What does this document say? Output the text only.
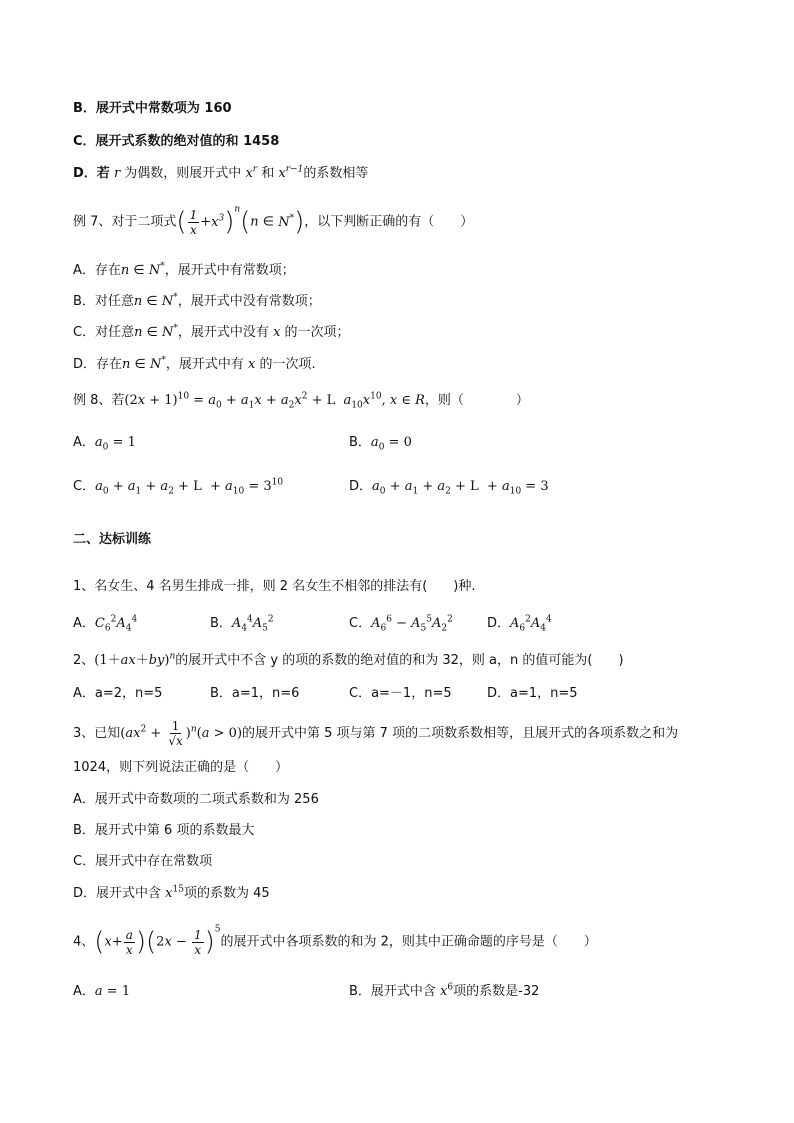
B．展开式中常数项为 160
C．展开式系数的绝对值的和 1458
D．若 r 为偶数，则展开式中 $x^r$ 和 $x^{r-1}$的系数相等
例 7、对于二项式( $\frac{1}{x} +x^3)^n(n$ ∈ N*)，以下判断正确的有（　　）
A．存在n ∈ N*，展开式中有常数项；
B．对任意n ∈ N*，展开式中没有常数项；
C．对任意n ∈ N*，展开式中没有 x 的一次项；
D．存在n ∈ N*，展开式中有 x 的一次项.
例 8、若$(2x + 1)^{10} = a_0 + a_1x + a_2x^2 + L$  $a_{10}x^{10}$, x ∈ R，则（　　　　）
A．$a_0 = 1$	B．$a_0 = 0$
C．$a_0 + a_1 + a_2 + L + a_{10} = 3^{10}$	D．$a_0 + a_1 + a_2 + L + a_{10} = 3$
二、达标训练
1、名女生、4 名男生排成一排，则 2 名女生不相邻的排法有(　　)种.
A．$C_6^2A_4^4$	B．$A_4^4A_5^2$	C．$A_6^6 - A_5^5A_2^2$	D．$A_6^2A_4^4$
2、$(1+ax+by)^n$的展开式中不含 y 的项的系数的绝对值的和为 32，则 a，n 的值可能为(　　)
A．a=2，n=5	B．a=1，n=6	C．a=－1，n=5	D．a=1，n=5
3、已知$(ax^2 + \frac{1}{√x} )^n(a > 0)$的展开式中第 5 项与第 7 项的二项数系数相等，且展开式的各项系数之和为
1024，则下列说法正确的是（　　）
A．展开式中奇数项的二项式系数和为 256
B．展开式中第 6 项的系数最大
C．展开式中存在常数项
D．展开式中含 $x^{15}$项的系数为 45
4、$(x+ \frac{a}{x} )(2x - \frac{1}{x} )^5$的展开式中各项系数的和为 2，则其中正确命题的序号是（　　）
A．a = 1	B．展开式中含 $x^6$项的系数是-32
